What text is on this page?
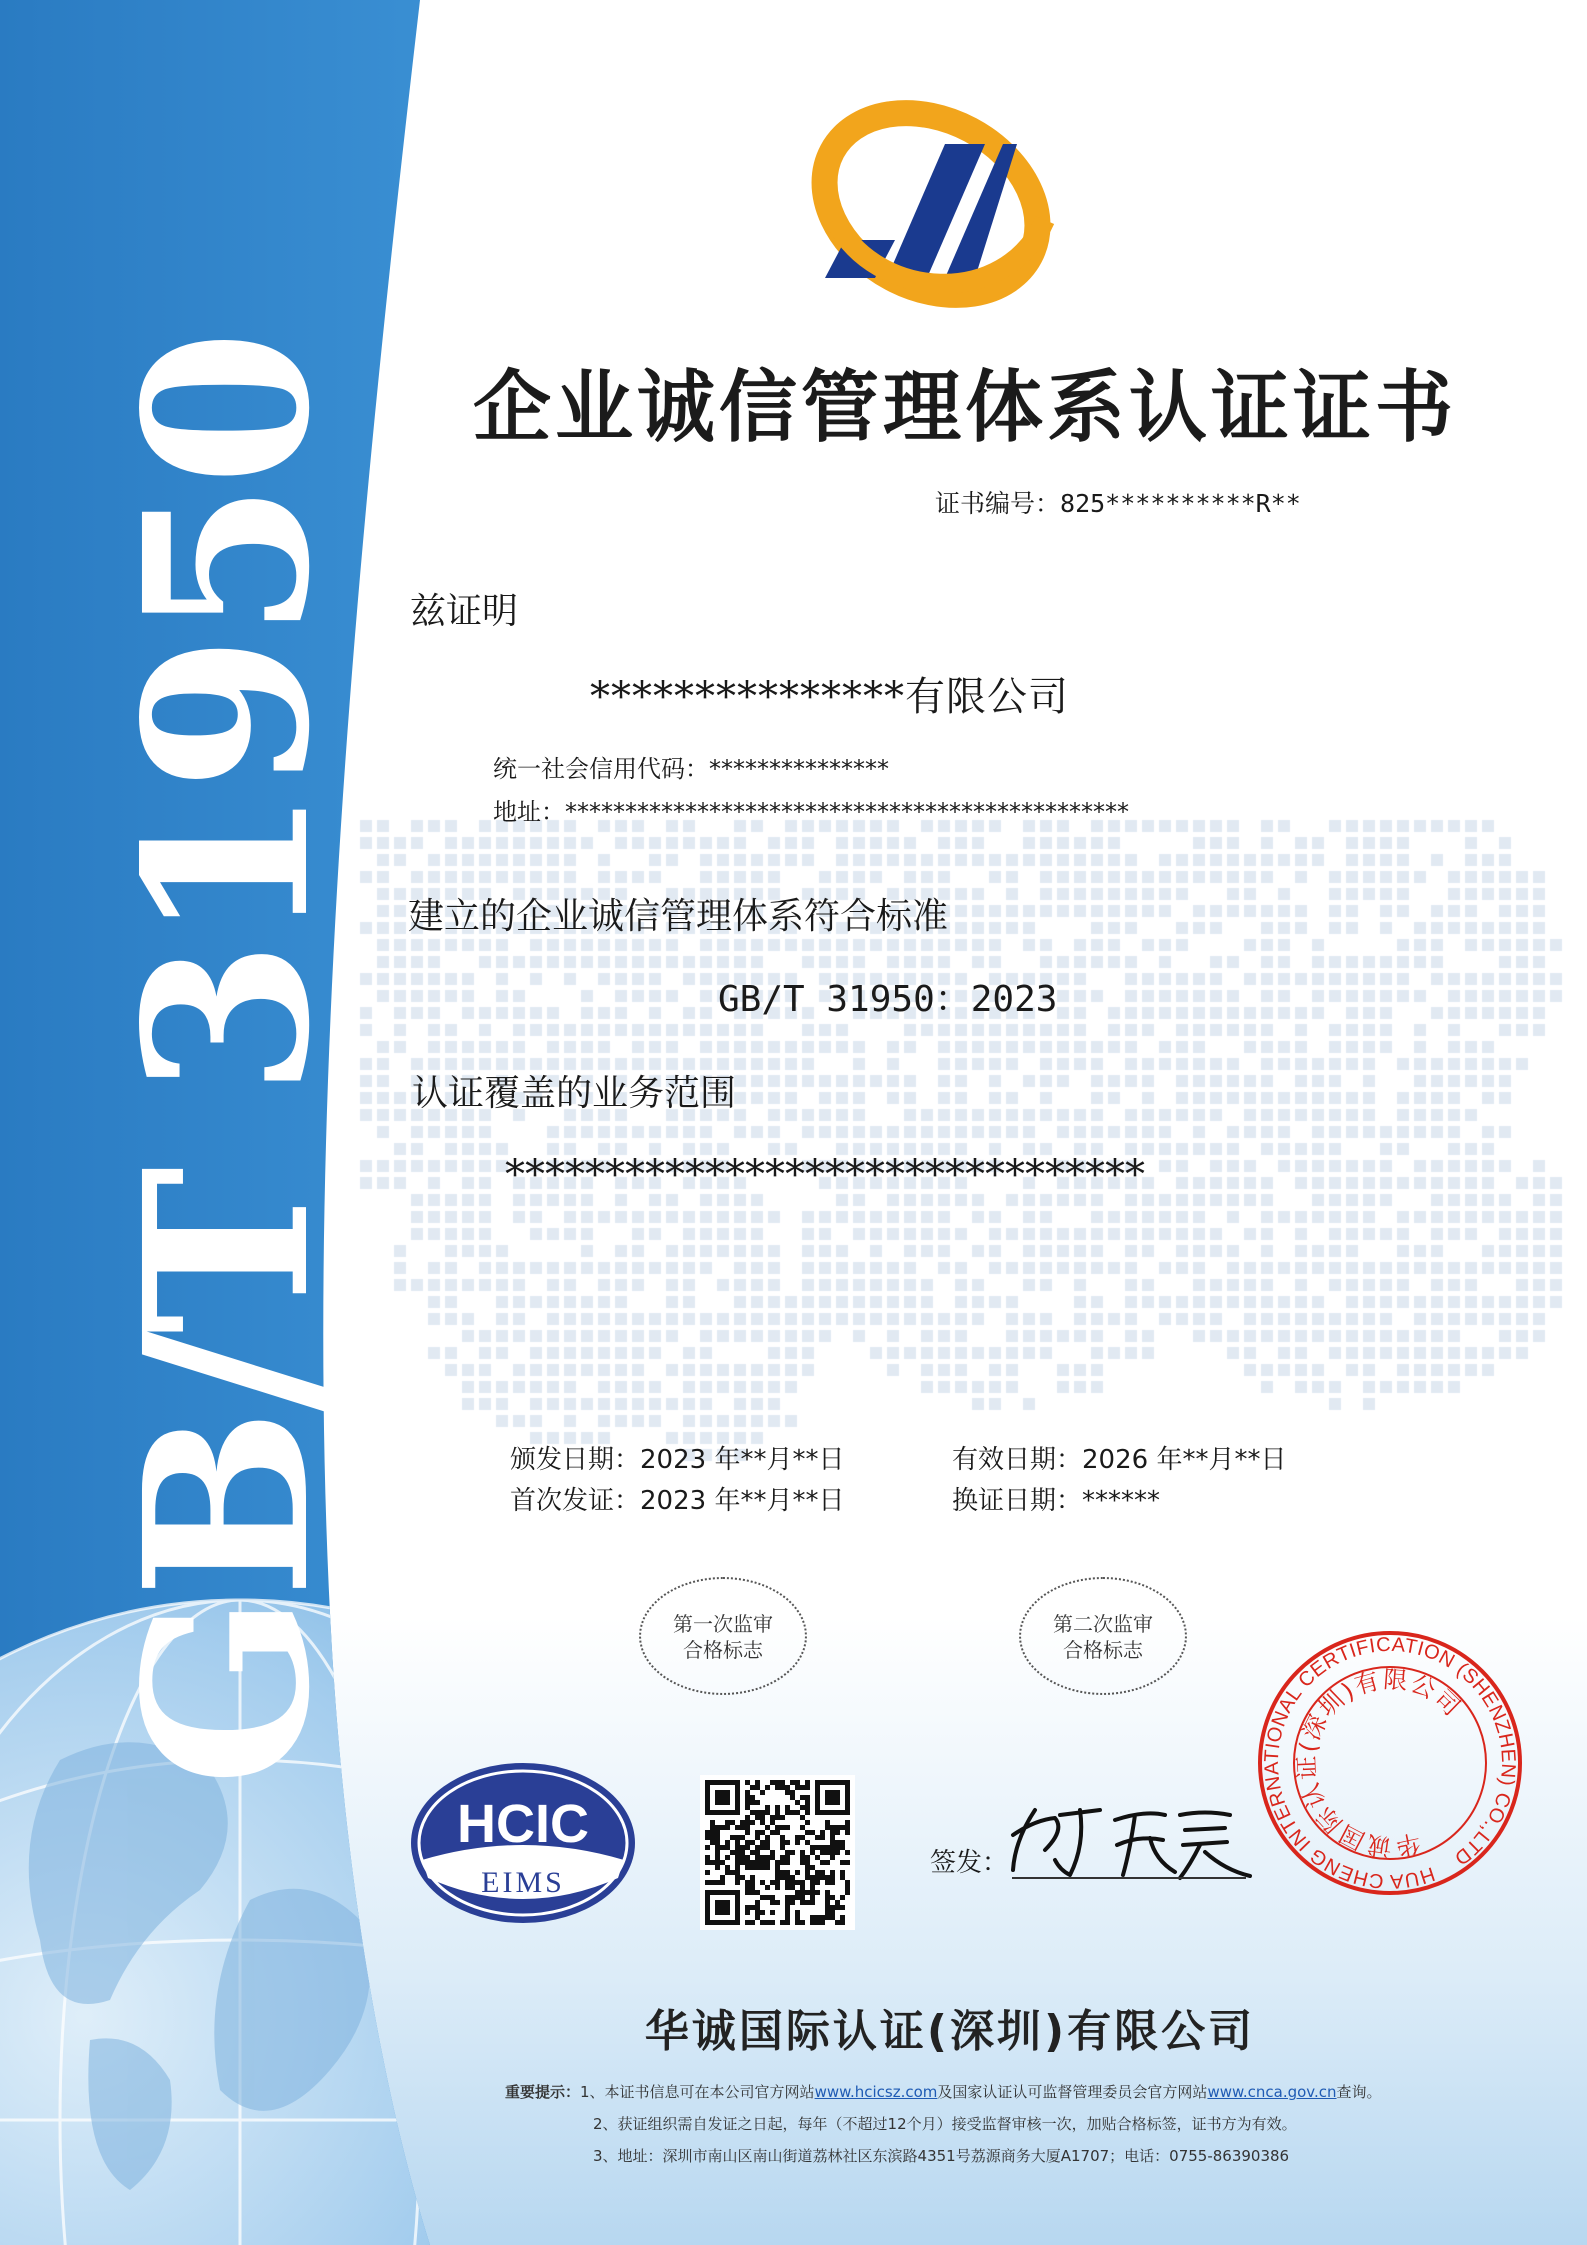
GB/T 31950	企业诚信管理体系认证证书
证书编号：825**********R**
兹证明
***************有限公司
统一社会信用代码：***************
地址：***********************************************
建立的企业诚信管理体系符合标准
GB/T 31950：2023
认证覆盖的业务范围
********************************
颁发日期：2023 年**月**日	有效日期：2026 年**月**日
首次发证：2023 年**月**日	换证日期：******
第一次监审
合格标志
第二次监审
合格标志
HCIC
EIMS
签发：	HUA CHENG INTERNATIONAL CERTIFICATION (SHENZHEN) CO.,LTD
华诚国际认证(深圳)有限公司
华诚国际认证(深圳)有限公司
重要提示：1、本证书信息可在本公司官方网站www.hcicsz.com及国家认证认可监督管理委员会官方网站www.cnca.gov.cn查询。
2、获证组织需自发证之日起，每年（不超过12个月）接受监督审核一次，加贴合格标签，证书方为有效。
3、地址：深圳市南山区南山街道荔林社区东滨路4351号荔源商务大厦A1707；电话：0755-86390386
